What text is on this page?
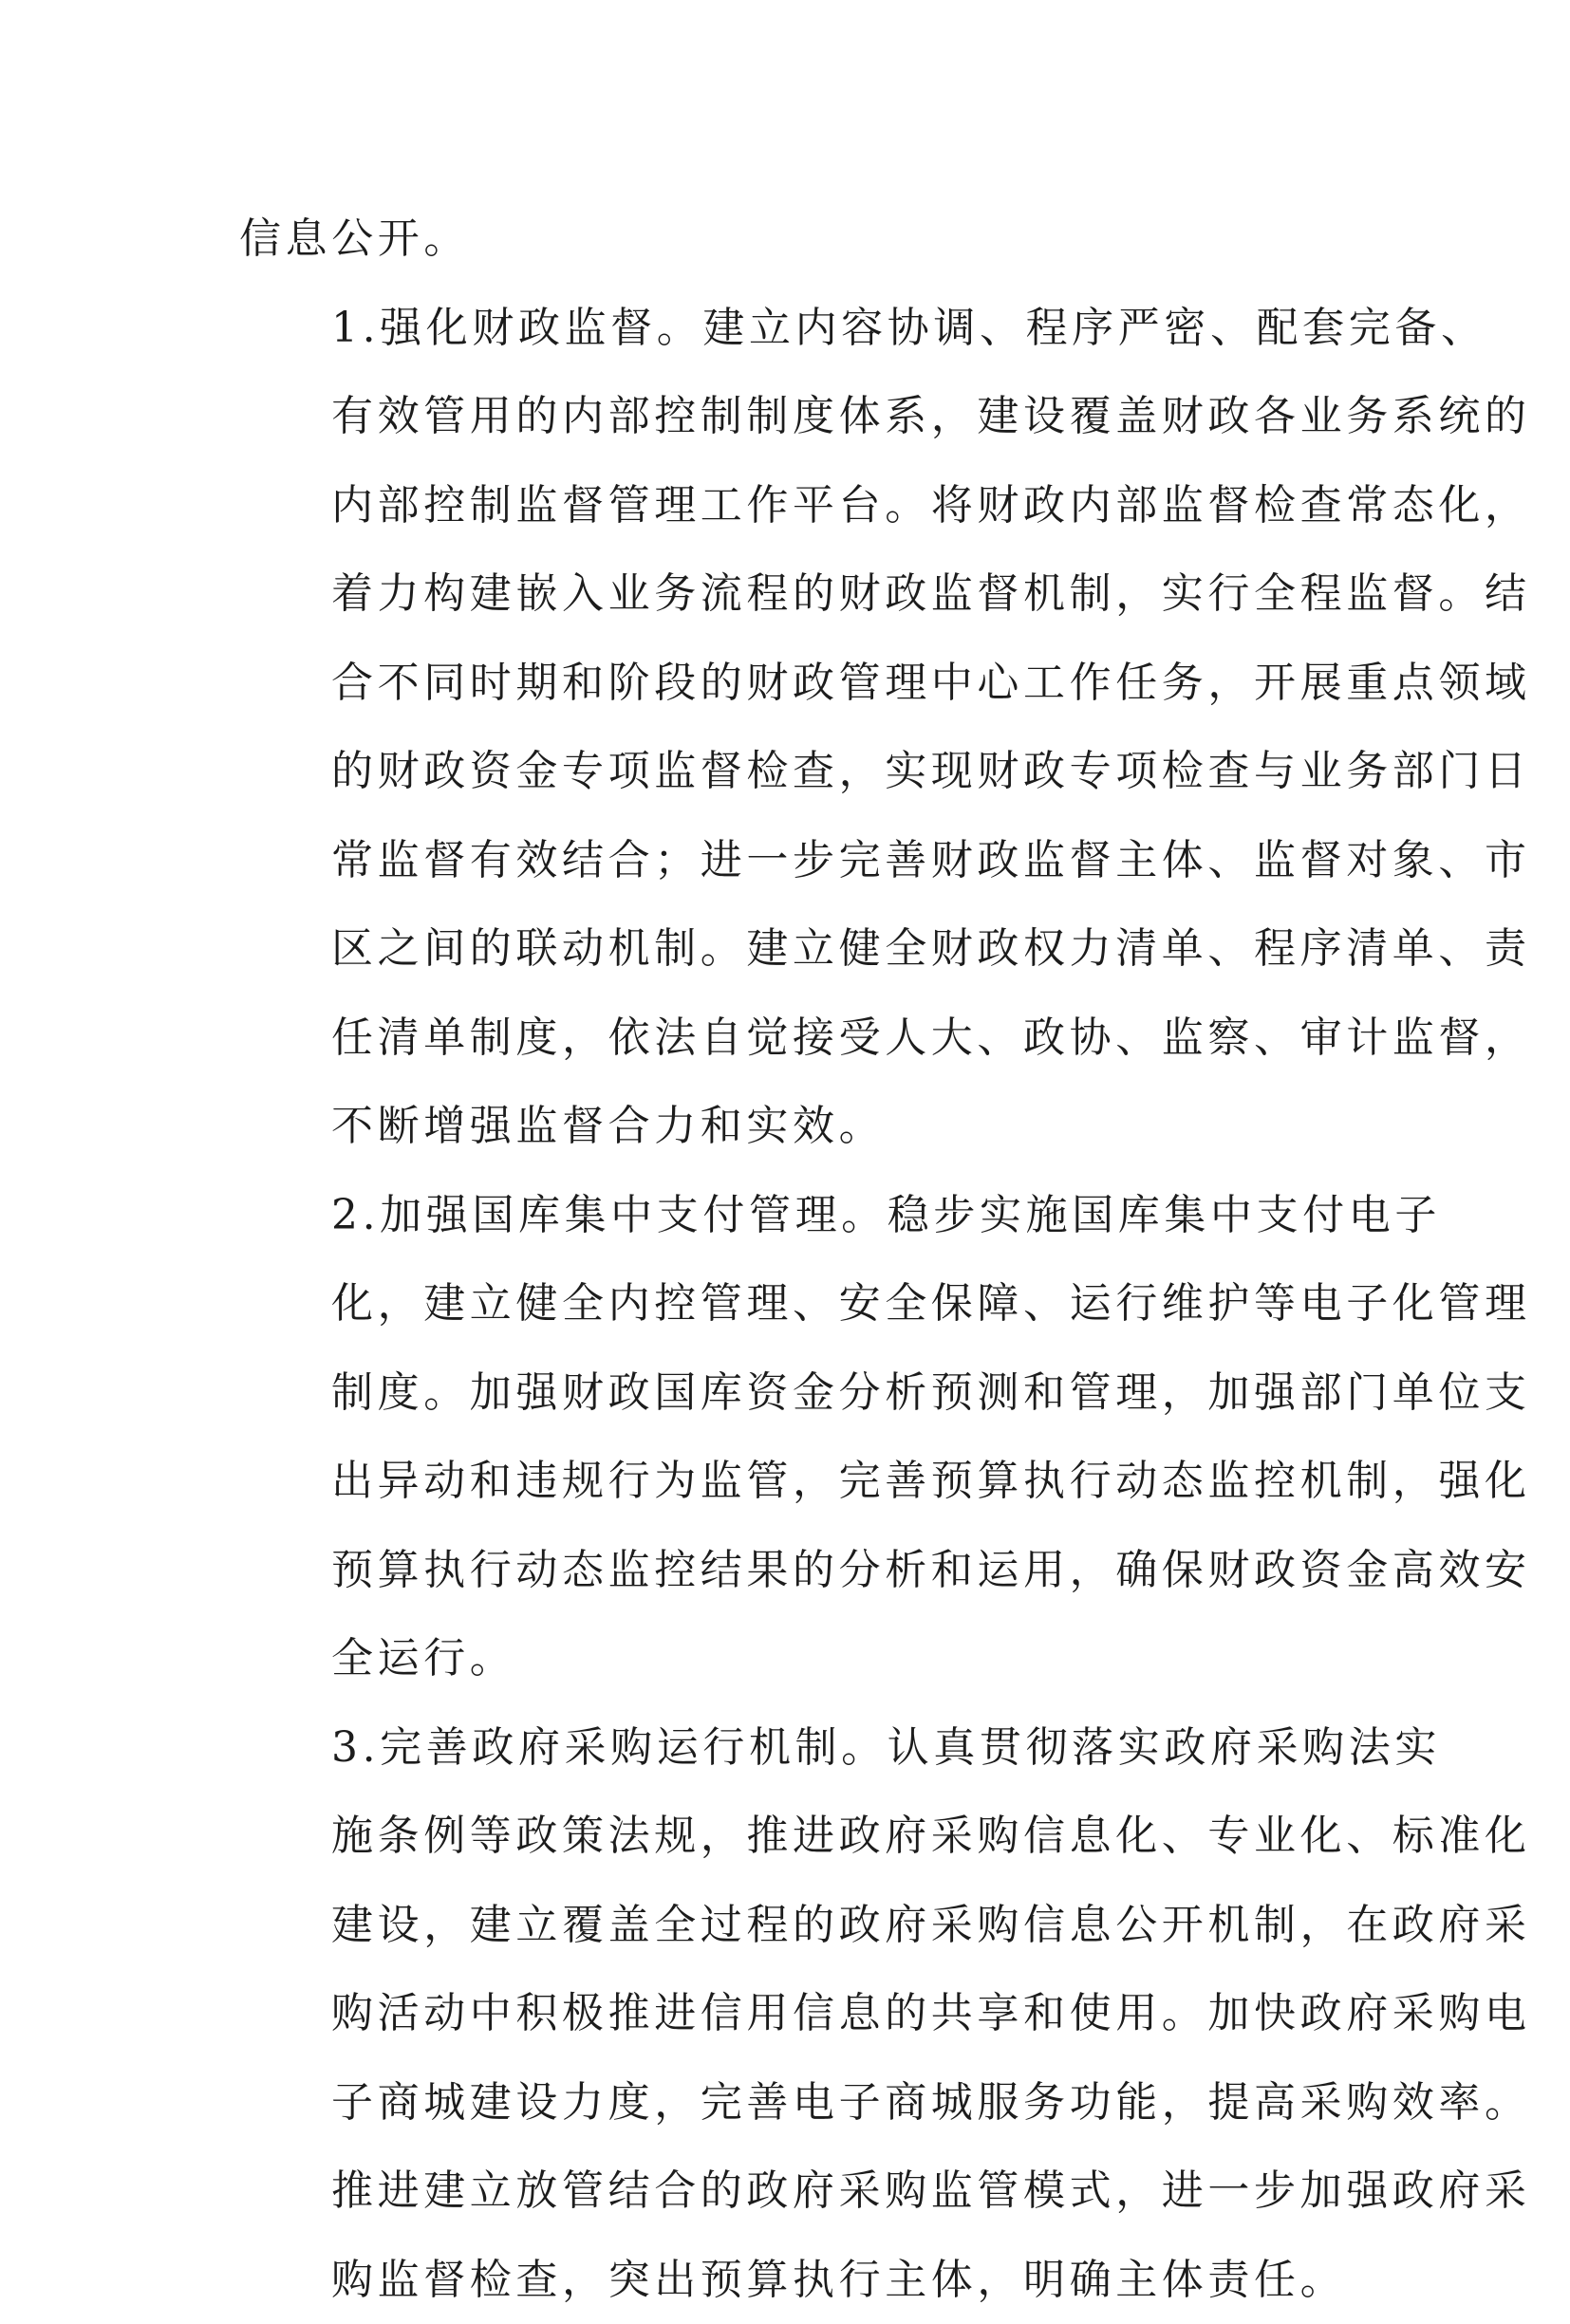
信息公开。

1.强化财政监督。建立内容协调、程序严密、配套完备、
有效管用的内部控制制度体系，建设覆盖财政各业务系统的
内部控制监督管理工作平台。将财政内部监督检查常态化，
着力构建嵌入业务流程的财政监督机制，实行全程监督。结
合不同时期和阶段的财政管理中心工作任务，开展重点领域
的财政资金专项监督检查，实现财政专项检查与业务部门日
常监督有效结合；进一步完善财政监督主体、监督对象、市
区之间的联动机制。建立健全财政权力清单、程序清单、责
任清单制度，依法自觉接受人大、政协、监察、审计监督，
不断增强监督合力和实效。

2.加强国库集中支付管理。稳步实施国库集中支付电子
化，建立健全内控管理、安全保障、运行维护等电子化管理
制度。加强财政国库资金分析预测和管理，加强部门单位支
出异动和违规行为监管，完善预算执行动态监控机制，强化
预算执行动态监控结果的分析和运用，确保财政资金高效安
全运行。

3.完善政府采购运行机制。认真贯彻落实政府采购法实
施条例等政策法规，推进政府采购信息化、专业化、标准化
建设，建立覆盖全过程的政府采购信息公开机制，在政府采
购活动中积极推进信用信息的共享和使用。加快政府采购电
子商城建设力度，完善电子商城服务功能，提高采购效率。
推进建立放管结合的政府采购监管模式，进一步加强政府采
购监督检查，突出预算执行主体，明确主体责任。
